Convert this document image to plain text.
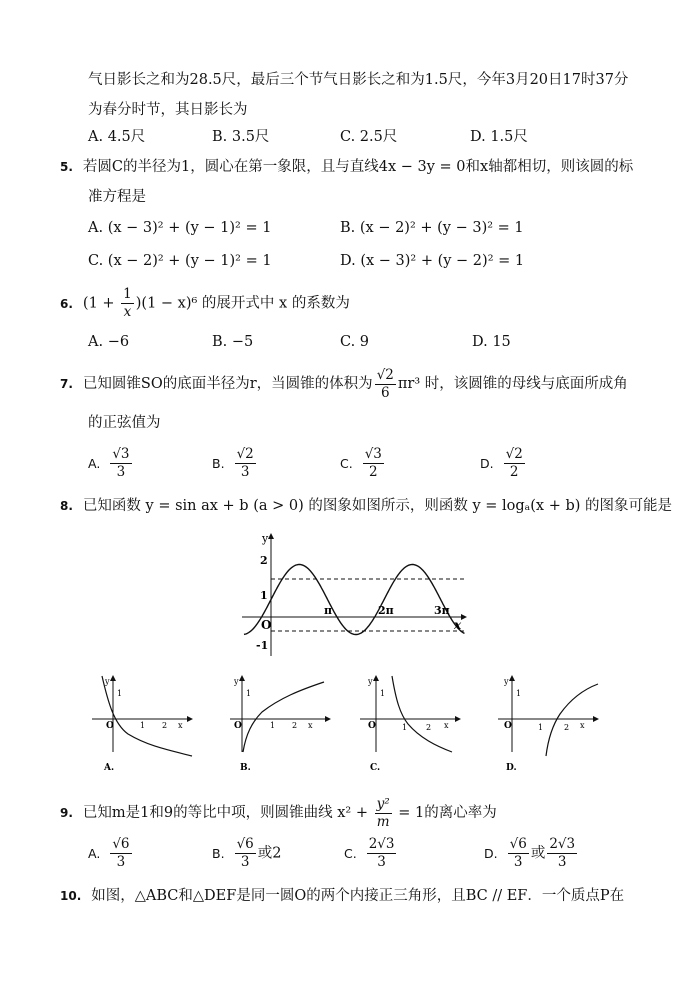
气日影长之和为28.5尺，最后三个节气日影长之和为1.5尺，今年3月20日17时37分
为春分时节，其日影长为
A. 4.5尺	B. 3.5尺	C. 2.5尺	D. 1.5尺
5. 若圆C的半径为1，圆心在第一象限，且与直线4x − 3y = 0和x轴都相切，则该圆的标
准方程是
A. (x − 3)² + (y − 1)² = 1	B. (x − 2)² + (y − 3)² = 1
C. (x − 2)² + (y − 1)² = 1	D. (x − 3)² + (y − 2)² = 1
6. $(1 + \frac{1}{x} )(1 - x)^6$ 的展开式中 x 的系数为
A. −6	B. −5	C. 9	D. 15
7. 已知圆锥SO的底面半径为r，当圆锥的体积为 $\frac{√2}{6} \pi r^3$ 时，该圆锥的母线与底面所成角
的正弦值为
A. $\frac{√3}{3}$	B. $\frac{√2}{3}$	C. $\frac{√3}{2}$	D. $\frac{√2}{2}$
8. 已知函数 y = sin ax + b (a > 0) 的图象如图所示，则函数 y = logₐ(x + b) 的图象可能是
y
x
O
2
1
-1
π	2π	3π
y
1
O	1 2 x
A.
y
1
O	1 2 x
B.
y
1
O	1 2 x
C.
y
1
O	1	2 x
D.
9. 已知m是1和9的等比中项，则圆锥曲线 $x^2 + \frac{\text{y²}}{m} = 1$的离心率为
A. $\frac{√6}{3}$	B. $\frac{√6}{3}$ 或2	C. $\frac{2√3}{3}$	D. $\frac{√6}{3}$ 或 $\frac{2√3}{3}$
10. 如图，△ABC和△DEF是同一圆O的两个内接正三角形，且BC // EF．一个质点P在
